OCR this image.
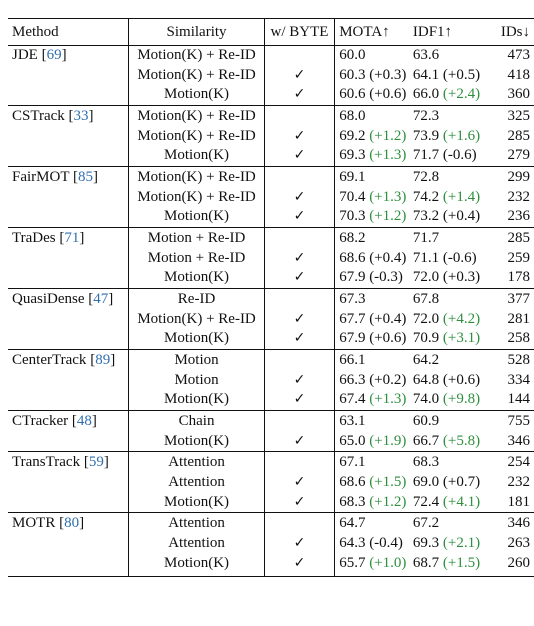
Method	Similarity	w/ BYTE	MOTA↑	IDF1↑	IDs↓
JDE [69]	Motion(K) + Re-ID		60.0	63.6	473
	Motion(K) + Re-ID	✓	60.3 (+0.3)	64.1 (+0.5)	418
	Motion(K)	✓	60.6 (+0.6)	66.0 (+2.4)	360
CSTrack [33]	Motion(K) + Re-ID		68.0	72.3	325
	Motion(K) + Re-ID	✓	69.2 (+1.2)	73.9 (+1.6)	285
	Motion(K)	✓	69.3 (+1.3)	71.7 (-0.6)	279
FairMOT [85]	Motion(K) + Re-ID		69.1	72.8	299
	Motion(K) + Re-ID	✓	70.4 (+1.3)	74.2 (+1.4)	232
	Motion(K)	✓	70.3 (+1.2)	73.2 (+0.4)	236
TraDes [71]	Motion + Re-ID		68.2	71.7	285
	Motion + Re-ID	✓	68.6 (+0.4)	71.1 (-0.6)	259
	Motion(K)	✓	67.9 (-0.3)	72.0 (+0.3)	178
QuasiDense [47]	Re-ID		67.3	67.8	377
	Motion(K) + Re-ID	✓	67.7 (+0.4)	72.0 (+4.2)	281
	Motion(K)	✓	67.9 (+0.6)	70.9 (+3.1)	258
CenterTrack [89]	Motion		66.1	64.2	528
	Motion	✓	66.3 (+0.2)	64.8 (+0.6)	334
	Motion(K)	✓	67.4 (+1.3)	74.0 (+9.8)	144
CTracker [48]	Chain		63.1	60.9	755
	Motion(K)	✓	65.0 (+1.9)	66.7 (+5.8)	346
TransTrack [59]	Attention		67.1	68.3	254
	Attention	✓	68.6 (+1.5)	69.0 (+0.7)	232
	Motion(K)	✓	68.3 (+1.2)	72.4 (+4.1)	181
MOTR [80]	Attention		64.7	67.2	346
	Attention	✓	64.3 (-0.4)	69.3 (+2.1)	263
	Motion(K)	✓	65.7 (+1.0)	68.7 (+1.5)	260
